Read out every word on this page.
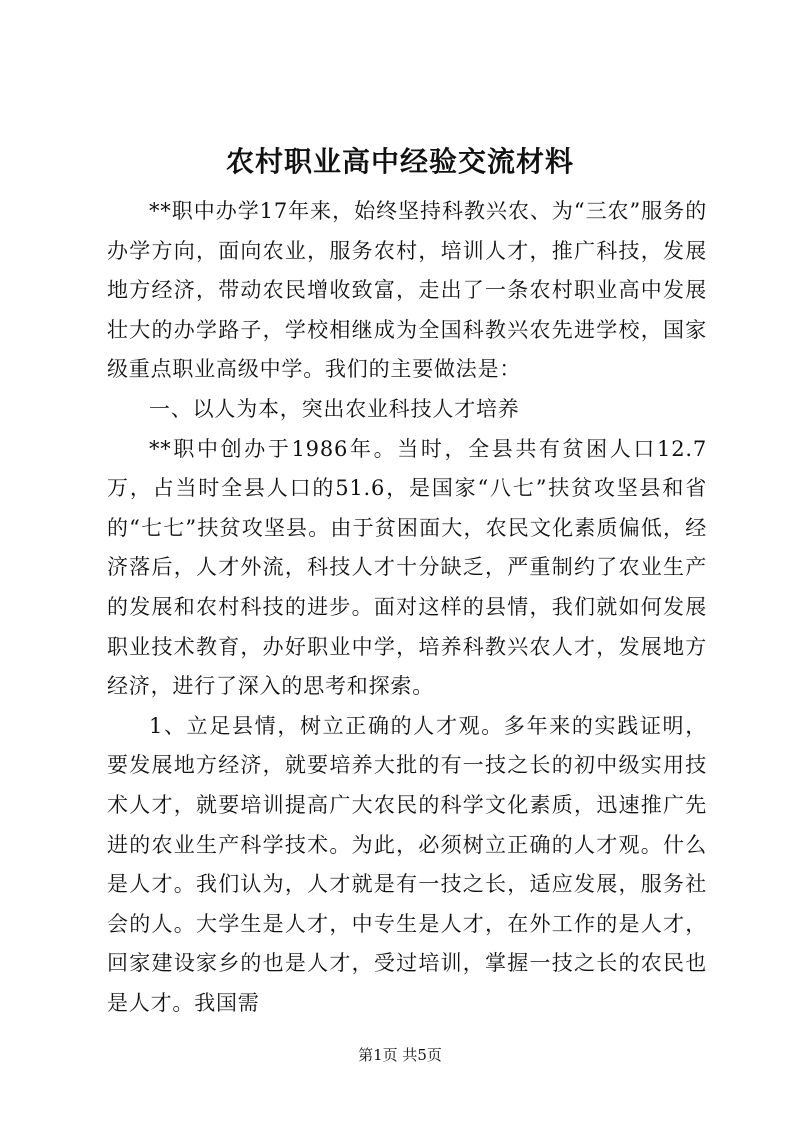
农村职业高中经验交流材料

**职中办学17年来，始终坚持科教兴农、为“三农”服务的办学方向，面向农业，服务农村，培训人才，推广科技，发展地方经济，带动农民增收致富，走出了一条农村职业高中发展壮大的办学路子，学校相继成为全国科教兴农先进学校，国家级重点职业高级中学。我们的主要做法是：

一、以人为本，突出农业科技人才培养

**职中创办于1986年。当时，全县共有贫困人口12.7万，占当时全县人口的51.6，是国家“八七”扶贫攻坚县和省的“七七”扶贫攻坚县。由于贫困面大，农民文化素质偏低，经济落后，人才外流，科技人才十分缺乏，严重制约了农业生产的发展和农村科技的进步。面对这样的县情，我们就如何发展职业技术教育，办好职业中学，培养科教兴农人才，发展地方经济，进行了深入的思考和探索。

1、立足县情，树立正确的人才观。多年来的实践证明，要发展地方经济，就要培养大批的有一技之长的初中级实用技术人才，就要培训提高广大农民的科学文化素质，迅速推广先进的农业生产科学技术。为此，必须树立正确的人才观。什么是人才。我们认为，人才就是有一技之长，适应发展，服务社会的人。大学生是人才，中专生是人才，在外工作的是人才，回家建设家乡的也是人才，受过培训，掌握一技之长的农民也是人才。我国需

第1页 共5页
